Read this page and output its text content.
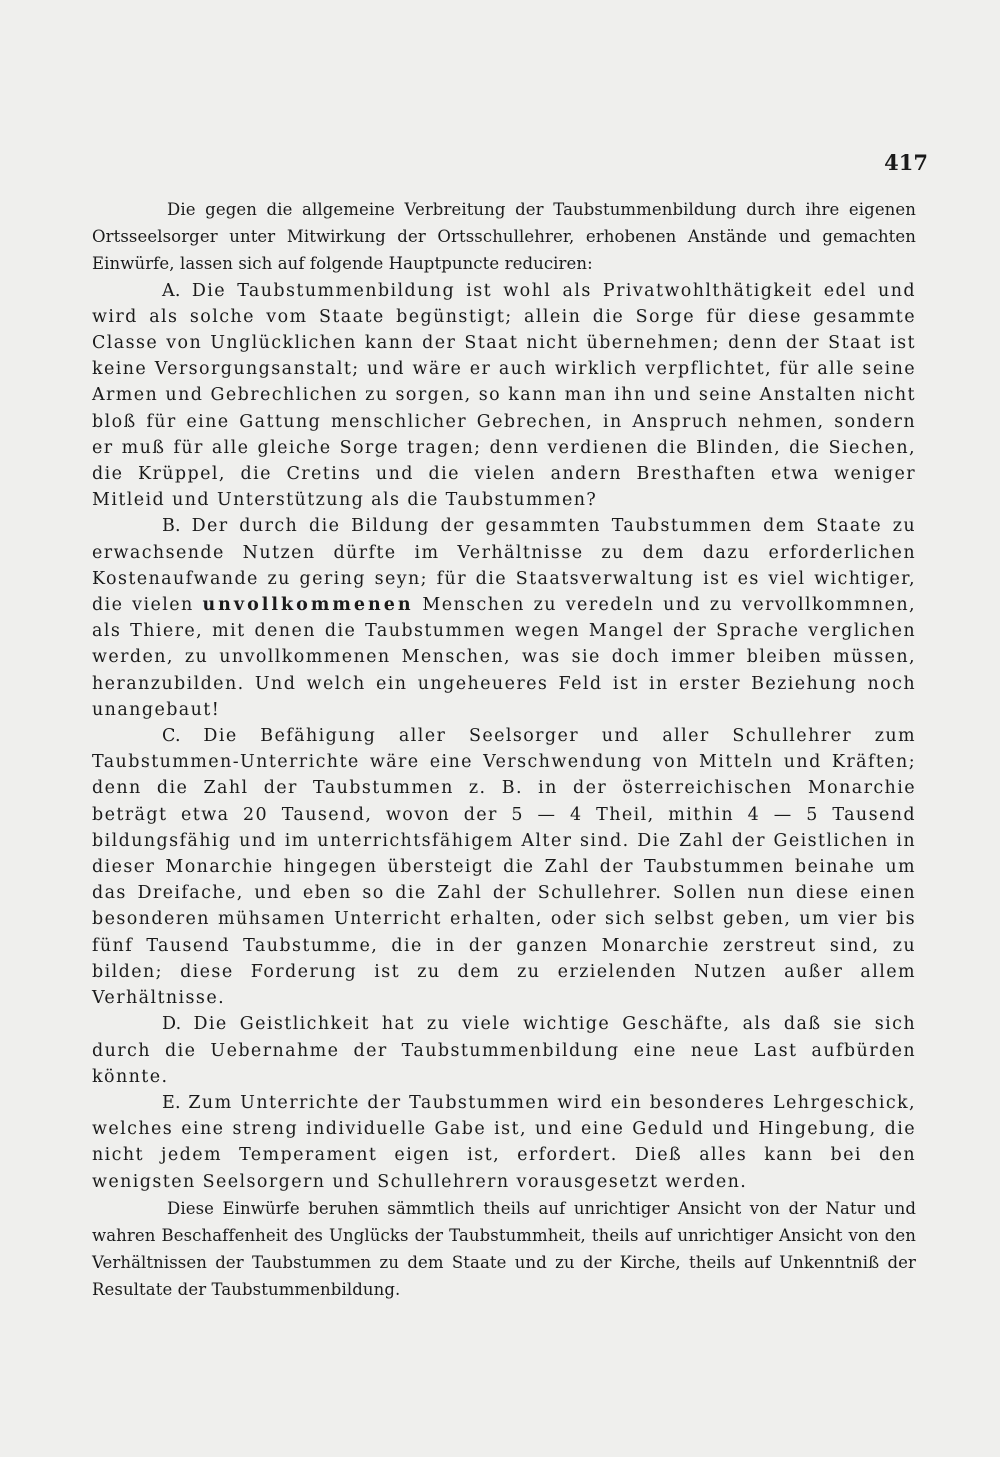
417

Die gegen die allgemeine Verbreitung der Taubstummenbildung durch ihre eigenen Ortsseelsorger unter Mitwirkung der Ortsschullehrer, erhobenen Anstände und gemachten Einwürfe, lassen sich auf folgende Hauptpuncte reduciren:

A. Die Taubstummenbildung ist wohl als Privatwohlthätigkeit edel und wird als solche vom Staate begünstigt; allein die Sorge für diese gesammte Classe von Unglücklichen kann der Staat nicht übernehmen; denn der Staat ist keine Versorgungsanstalt; und wäre er auch wirklich verpflichtet, für alle seine Armen und Gebrechlichen zu sorgen, so kann man ihn und seine Anstalten nicht bloß für eine Gattung menschlicher Gebrechen, in Anspruch nehmen, sondern er muß für alle gleiche Sorge tragen; denn verdienen die Blinden, die Siechen, die Krüppel, die Cretins und die vielen andern Bresthaften etwa weniger Mitleid und Unterstützung als die Taubstummen?

B. Der durch die Bildung der gesammten Taubstummen dem Staate zu erwachsende Nutzen dürfte im Verhältnisse zu dem dazu erforderlichen Kostenaufwande zu gering seyn; für die Staatsverwaltung ist es viel wichtiger, die vielen unvollkommenen Menschen zu veredeln und zu vervollkommnen, als Thiere, mit denen die Taubstummen wegen Mangel der Sprache verglichen werden, zu unvollkommenen Menschen, was sie doch immer bleiben müssen, heranzubilden. Und welch ein ungeheueres Feld ist in erster Beziehung noch unangebaut!

C. Die Befähigung aller Seelsorger und aller Schullehrer zum Taubstummen-Unterrichte wäre eine Verschwendung von Mitteln und Kräften; denn die Zahl der Taubstummen z. B. in der österreichischen Monarchie beträgt etwa 20 Tausend, wovon der 5 — 4 Theil, mithin 4 — 5 Tausend bildungsfähig und im unterrichtsfähigem Alter sind. Die Zahl der Geistlichen in dieser Monarchie hingegen übersteigt die Zahl der Taubstummen beinahe um das Dreifache, und eben so die Zahl der Schullehrer. Sollen nun diese einen besonderen mühsamen Unterricht erhalten, oder sich selbst geben, um vier bis fünf Tausend Taubstumme, die in der ganzen Monarchie zerstreut sind, zu bilden; diese Forderung ist zu dem zu erzielenden Nutzen außer allem Verhältnisse.

D. Die Geistlichkeit hat zu viele wichtige Geschäfte, als daß sie sich durch die Uebernahme der Taubstummenbildung eine neue Last aufbürden könnte.

E. Zum Unterrichte der Taubstummen wird ein besonderes Lehrgeschick, welches eine streng individuelle Gabe ist, und eine Geduld und Hingebung, die nicht jedem Temperament eigen ist, erfordert. Dieß alles kann bei den wenigsten Seelsorgern und Schullehrern vorausgesetzt werden.

Diese Einwürfe beruhen sämmtlich theils auf unrichtiger Ansicht von der Natur und wahren Beschaffenheit des Unglücks der Taubstummheit, theils auf unrichtiger Ansicht von den Verhältnissen der Taubstummen zu dem Staate und zu der Kirche, theils auf Unkenntniß der Resultate der Taubstummenbildung.
